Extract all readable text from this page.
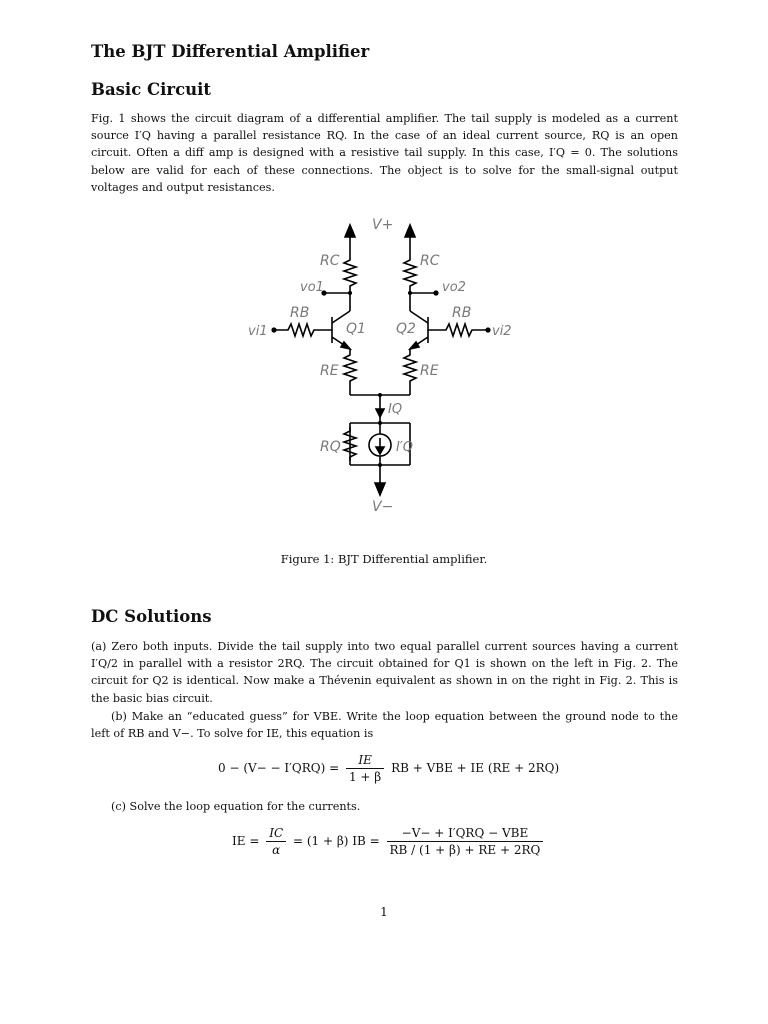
The BJT Differential Amplifier
Basic Circuit

Fig. 1 shows the circuit diagram of a differential amplifier. The tail supply is modeled as a current source I′Q having a parallel resistance RQ. In the case of an ideal current source, RQ is an open circuit. Often a diff amp is designed with a resistive tail supply. In this case, I′Q = 0. The solutions below are valid for each of these connections. The object is to solve for the small-signal output voltages and output resistances.

V+
RC	RC
vo1	vo2
RB	RB
vi1	vi2
Q1 Q2
RE	RE
IQ
RQ	I′Q
V−

Figure 1: BJT Differential amplifier.

DC Solutions

(a) Zero both inputs. Divide the tail supply into two equal parallel current sources having a current I′Q/2 in parallel with a resistor 2RQ. The circuit obtained for Q1 is shown on the left in Fig. 2. The circuit for Q2 is identical. Now make a Thévenin equivalent as shown in on the right in Fig. 2. This is the basic bias circuit.

(b) Make an “educated guess” for VBE. Write the loop equation between the ground node to the left of RB and V−. To solve for IE, this equation is

$0 - (V- - I'QRQ) = \frac{IE}{1 + \beta}$ RB + VBE + IE (RE + 2RQ)

(c) Solve the loop equation for the currents.

IE = $\frac{IC}{\alpha} = (1 + \beta)$ IB = $\frac{\text{−V− + I′QRQ − VBE}}{RB / (1 + \beta) + RE + 2RQ}$

1
